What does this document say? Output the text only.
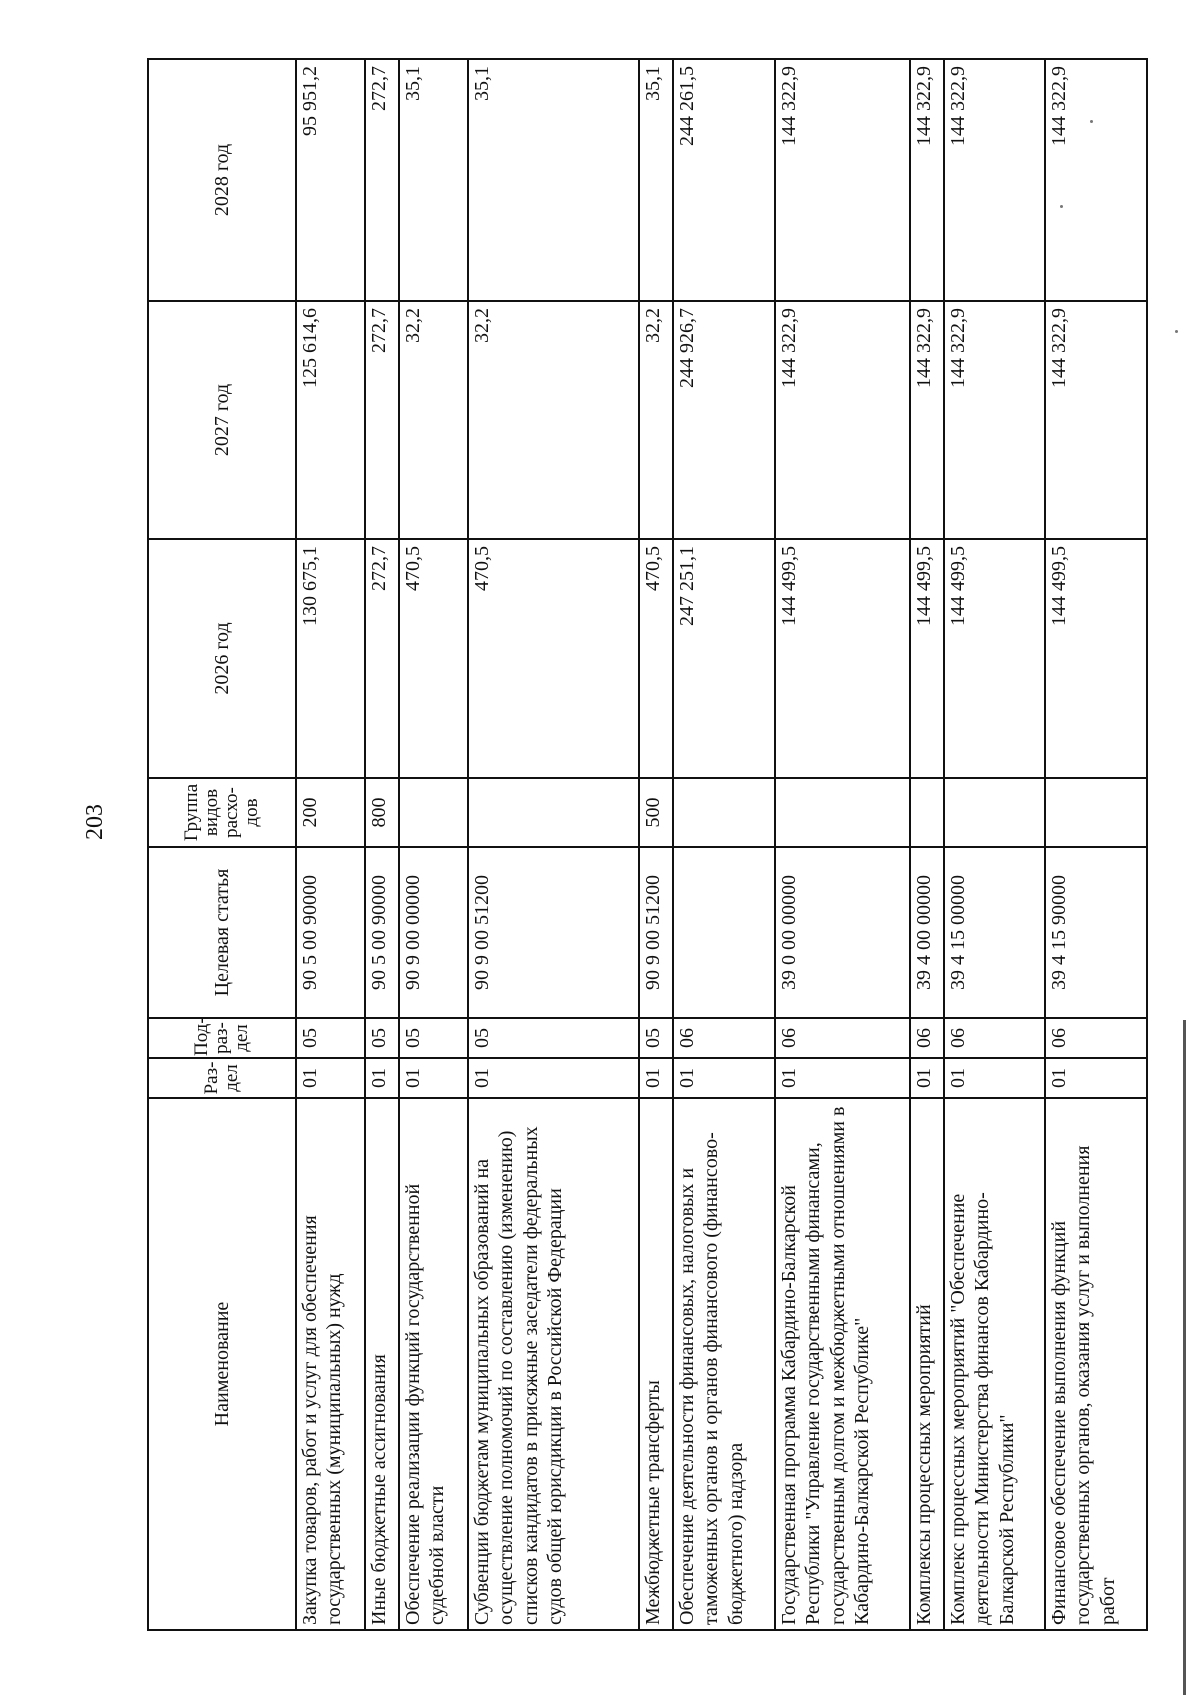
203
Наименование	Раз-дел	Под-раз-дел	Целевая статья	Группа видов расхо-дов	2026 год	2027 год	2028 год
Закупка товаров, работ и услуг для обеспечения государственных (муниципальных) нужд	01	05	90 5 00 90000	200	130 675,1	125 614,6	95 951,2
Иные бюджетные ассигнования	01	05	90 5 00 90000	800	272,7	272,7	272,7
Обеспечение реализации функций государственной судебной власти	01	05	90 9 00 00000		470,5	32,2	35,1
Субвенции бюджетам муниципальных образований на осуществление полномочий по составлению (изменению) списков кандидатов в присяжные заседатели федеральных судов общей юрисдикции в Российской Федерации	01	05	90 9 00 51200		470,5	32,2	35,1
Межбюджетные трансферты	01	05	90 9 00 51200	500	470,5	32,2	35,1
Обеспечение деятельности финансовых, налоговых и таможенных органов и органов финансового (финансово-бюджетного) надзора	01	06			247 251,1	244 926,7	244 261,5
Государственная программа Кабардино-Балкарской Республики "Управление государственными финансами, государственным долгом и межбюджетными отношениями в Кабардино-Балкарской Республике"	01	06	39 0 00 00000		144 499,5	144 322,9	144 322,9
Комплексы процессных мероприятий	01	06	39 4 00 00000		144 499,5	144 322,9	144 322,9
Комплекс процессных мероприятий "Обеспечение деятельности Министерства финансов Кабардино-Балкарской Республики"	01	06	39 4 15 00000		144 499,5	144 322,9	144 322,9
Финансовое обеспечение выполнения функций государственных органов, оказания услуг и выполнения работ	01	06	39 4 15 90000		144 499,5	144 322,9	144 322,9
